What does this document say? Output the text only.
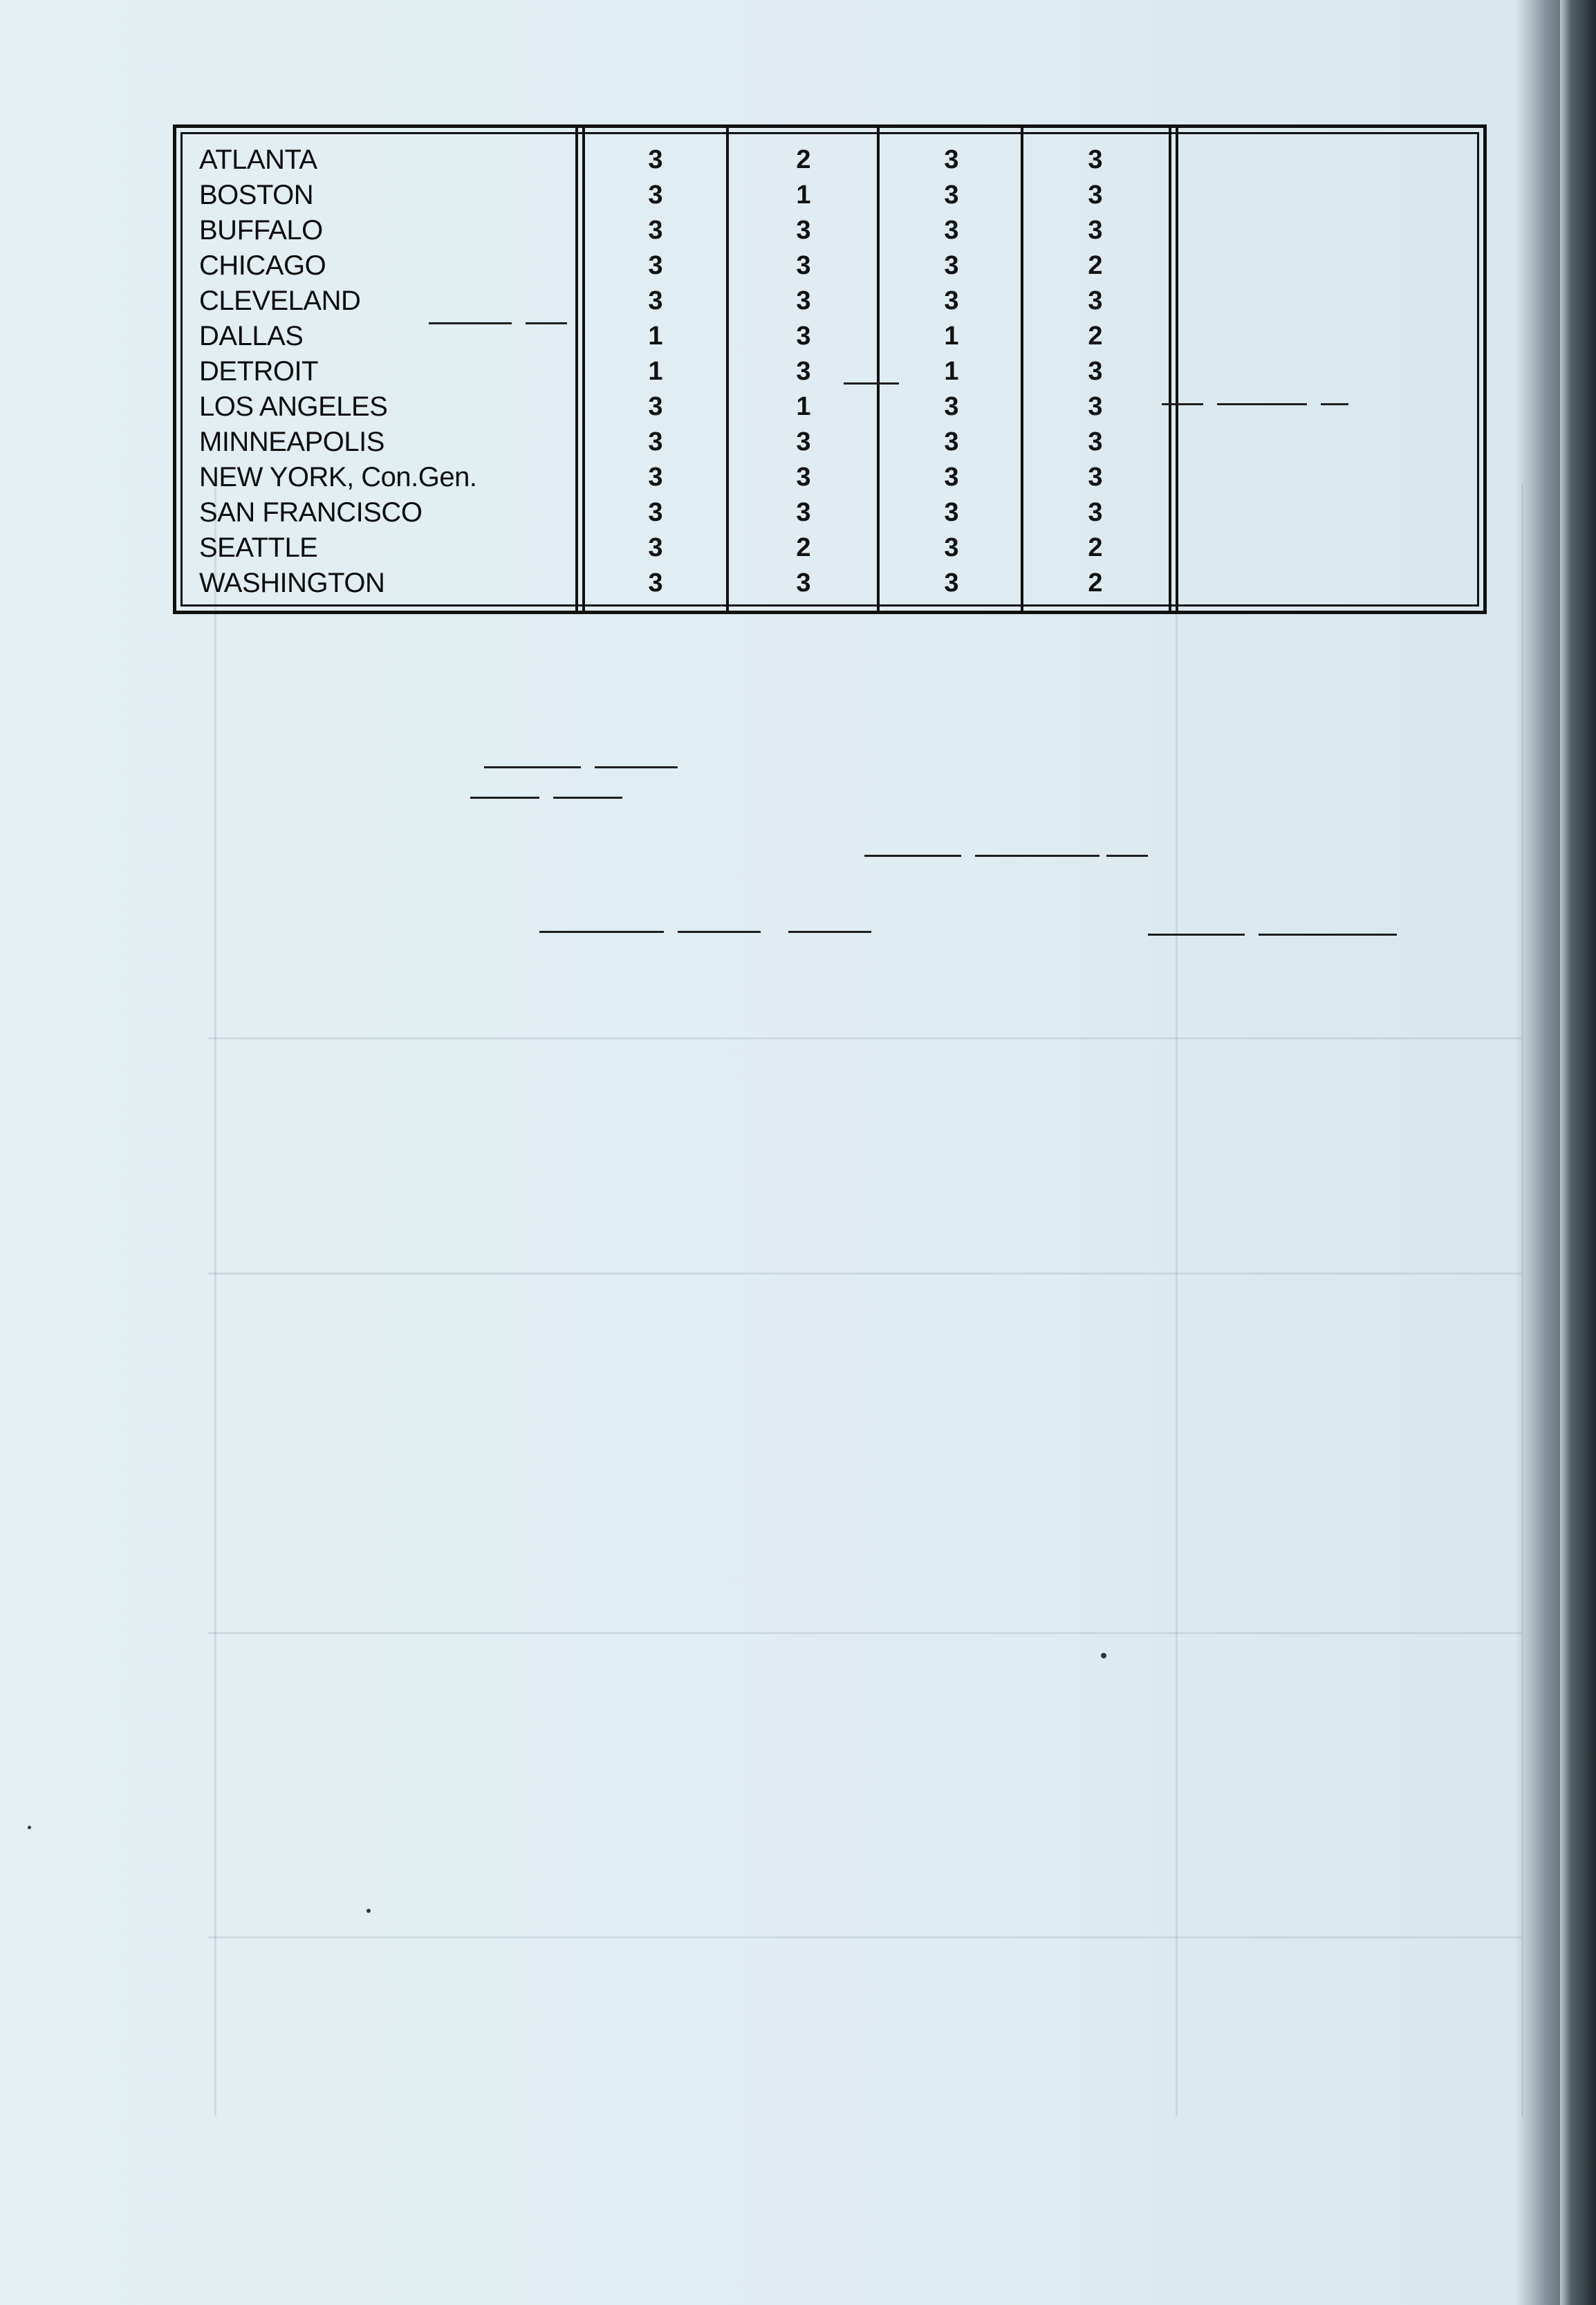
ATLANTA
BOSTON
BUFFALO
CHICAGO
CLEVELAND
DALLAS
DETROIT
LOS ANGELES
MINNEAPOLIS
NEW YORK, Con.Gen.
SAN FRANCISCO
SEATTLE
WASHINGTON
3
3
3
3
3
1
1
3
3
3
3
3
3
2
1
3
3
3
3
3
1
3
3
3
2
3
3
3
3
3
3
1
1
3
3
3
3
3
3
3
3
3
2
3
2
3
3
3
3
3
2
2
